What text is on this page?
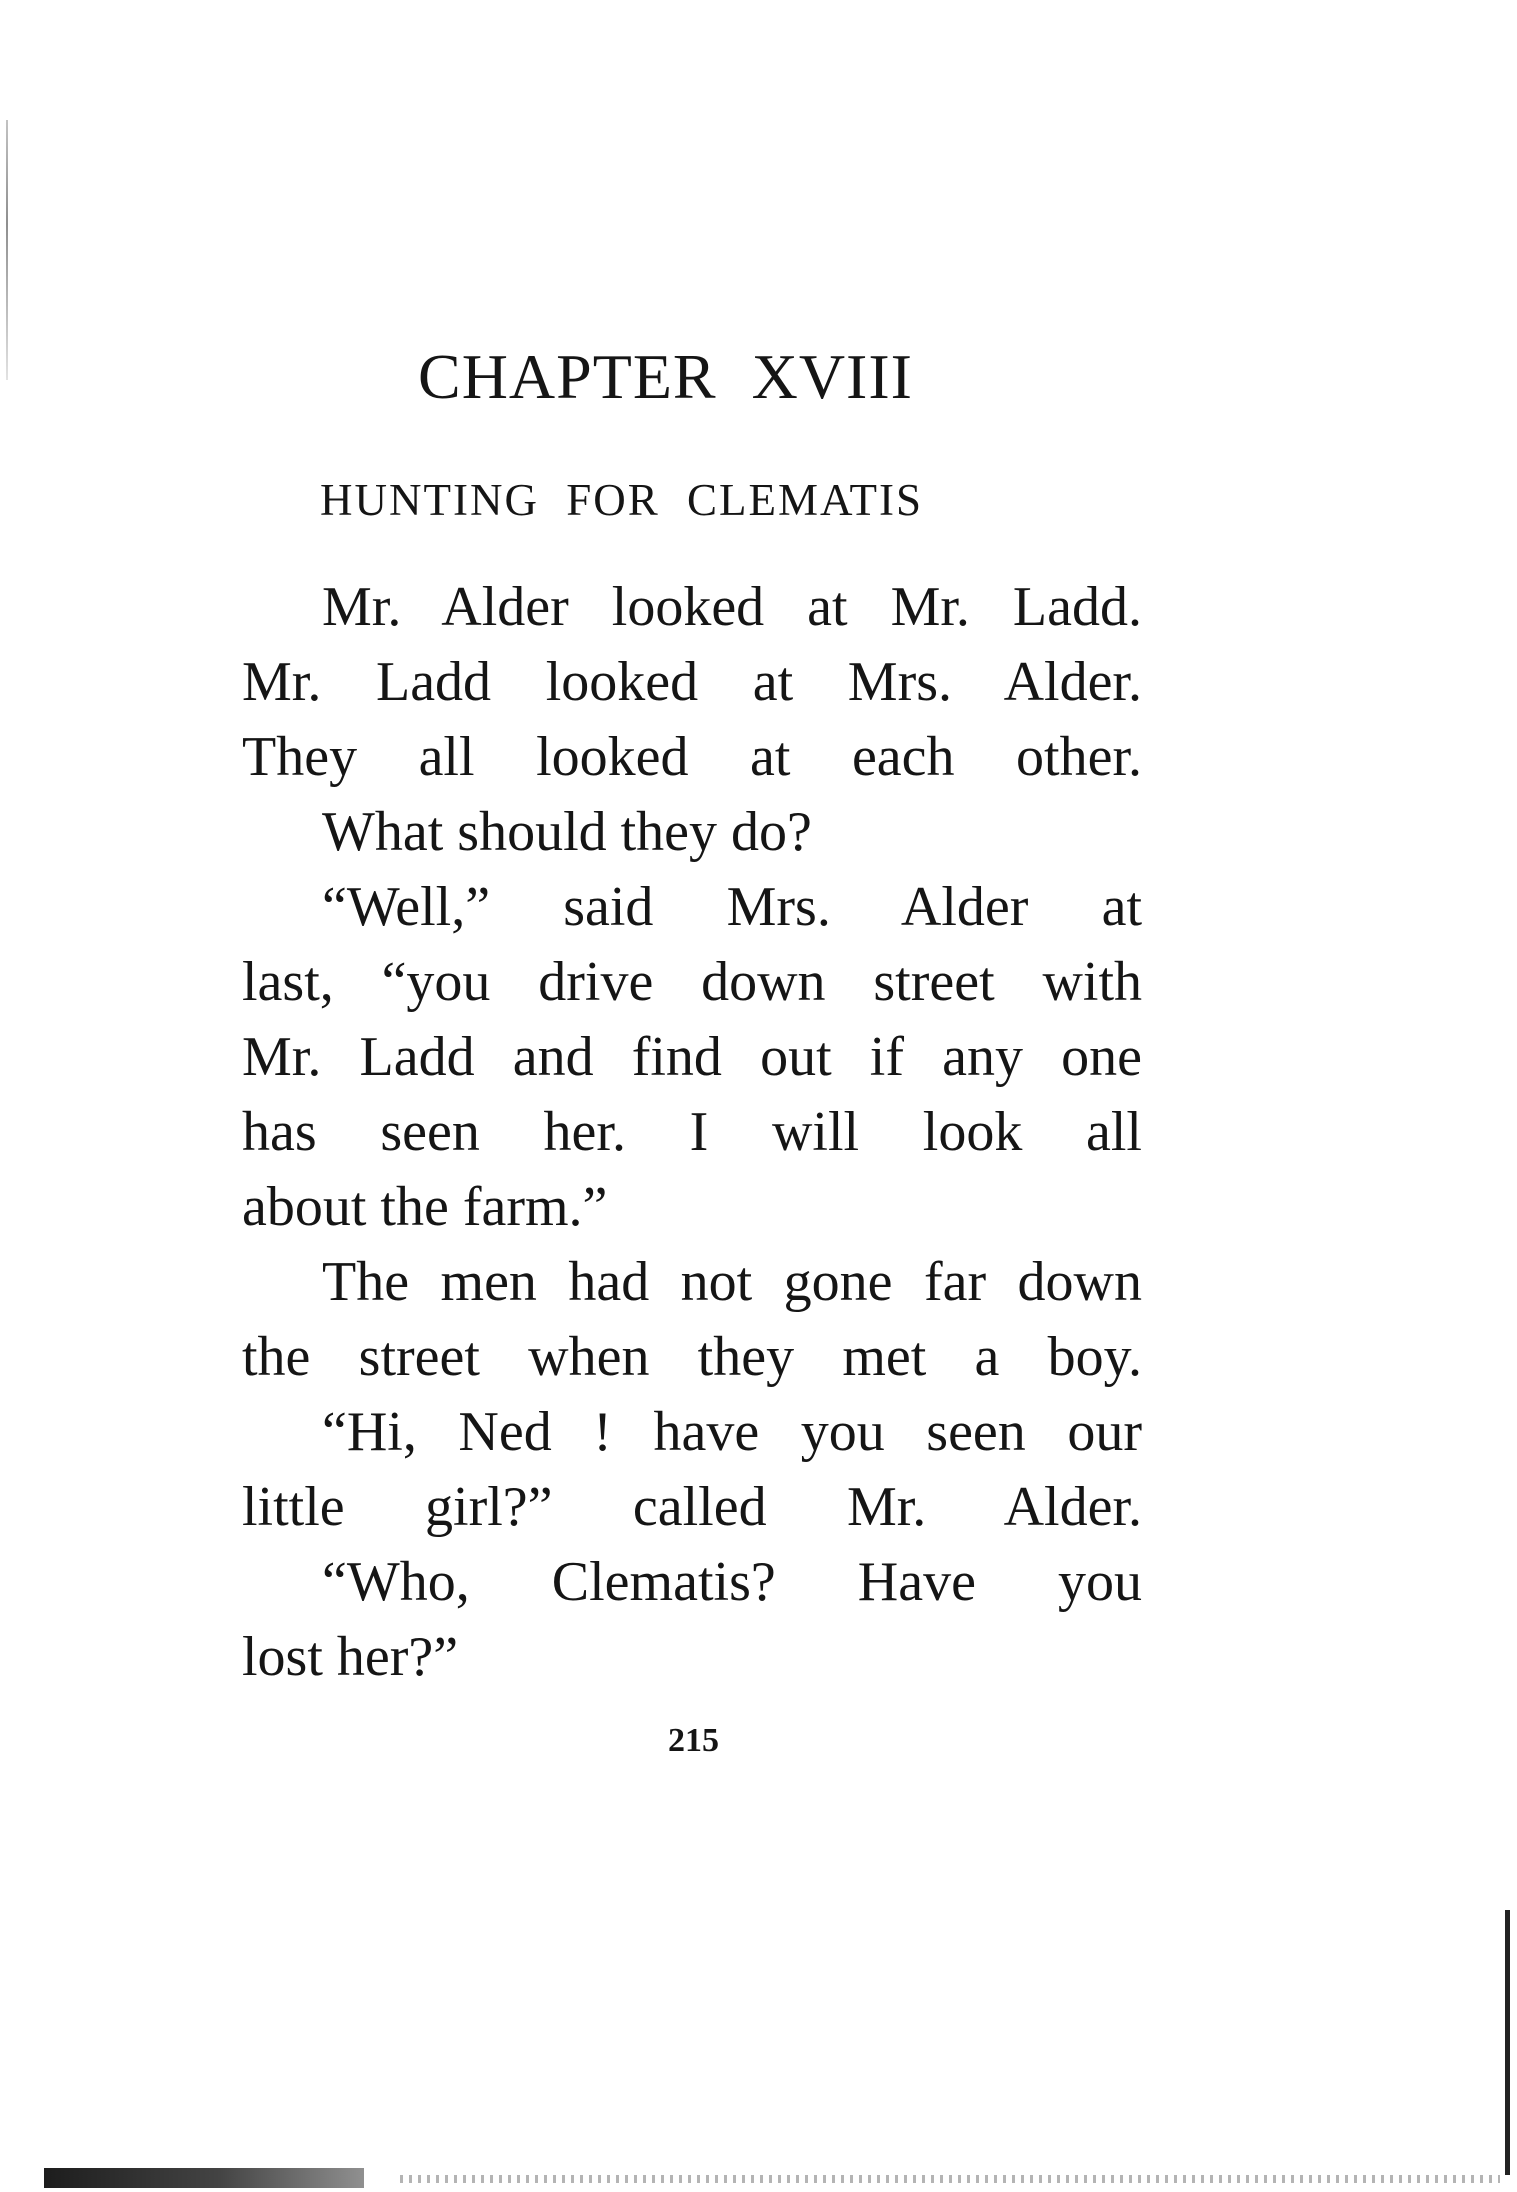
CHAPTER XVIII
HUNTING FOR CLEMATIS
Mr. Alder looked at Mr. Ladd.
Mr. Ladd looked at Mrs. Alder.
They all looked at each other.
What should they do?
“Well,” said Mrs. Alder at
last, “you drive down street with
Mr. Ladd and find out if any one
has seen her. I will look all
about the farm.”
The men had not gone far down
the street when they met a boy.
“Hi, Ned ! have you seen our
little girl?” called Mr. Alder.
“Who, Clematis? Have you
lost her?”
215
